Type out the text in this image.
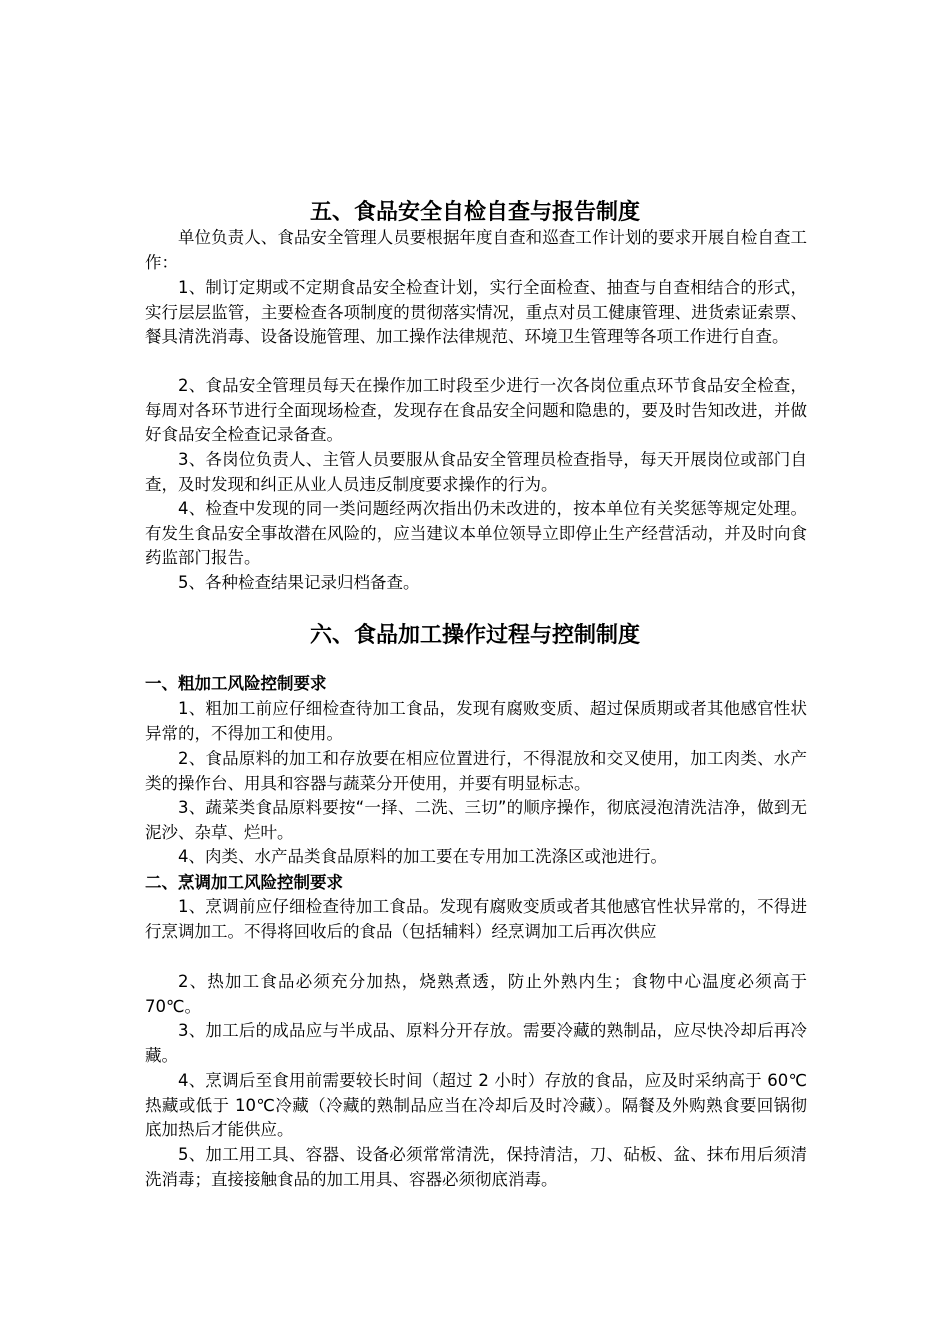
五、食品安全自检自查与报告制度

单位负责人、食品安全管理人员要根据年度自查和巡查工作计划的要求开展自检自查工作：

1、制订定期或不定期食品安全检查计划，实行全面检查、抽查与自查相结合的形式，实行层层监管，主要检查各项制度的贯彻落实情况，重点对员工健康管理、进货索证索票、餐具清洗消毒、设备设施管理、加工操作法律规范、环境卫生管理等各项工作进行自查。

2、食品安全管理员每天在操作加工时段至少进行一次各岗位重点环节食品安全检查，每周对各环节进行全面现场检查，发现存在食品安全问题和隐患的，要及时告知改进，并做好食品安全检查记录备查。

3、各岗位负责人、主管人员要服从食品安全管理员检查指导，每天开展岗位或部门自查，及时发现和纠正从业人员违反制度要求操作的行为。

4、检查中发现的同一类问题经两次指出仍未改进的，按本单位有关奖惩等规定处理。有发生食品安全事故潜在风险的，应当建议本单位领导立即停止生产经营活动，并及时向食药监部门报告。

5、各种检查结果记录归档备查。

六、食品加工操作过程与控制制度
一、粗加工风险控制要求

1、粗加工前应仔细检查待加工食品，发现有腐败变质、超过保质期或者其他感官性状异常的，不得加工和使用。

2、食品原料的加工和存放要在相应位置进行，不得混放和交叉使用，加工肉类、水产类的操作台、用具和容器与蔬菜分开使用，并要有明显标志。

3、蔬菜类食品原料要按“一择、二洗、三切”的顺序操作，彻底浸泡清洗洁净，做到无泥沙、杂草、烂叶。

4、肉类、水产品类食品原料的加工要在专用加工洗涤区或池进行。

二、烹调加工风险控制要求

1、烹调前应仔细检查待加工食品。发现有腐败变质或者其他感官性状异常的，不得进行烹调加工。不得将回收后的食品（包括辅料）经烹调加工后再次供应

2、热加工食品必须充分加热，烧熟煮透，防止外熟内生；食物中心温度必须高于 70℃。

3、加工后的成品应与半成品、原料分开存放。需要冷藏的熟制品，应尽快冷却后再冷藏。

4、烹调后至食用前需要较长时间（超过 2 小时）存放的食品，应及时采纳高于 60℃热藏或低于 10℃冷藏（冷藏的熟制品应当在冷却后及时冷藏）。隔餐及外购熟食要回锅彻底加热后才能供应。

5、加工用工具、容器、设备必须常常清洗，保持清洁，刀、砧板、盆、抹布用后须清洗消毒；直接接触食品的加工用具、容器必须彻底消毒。
